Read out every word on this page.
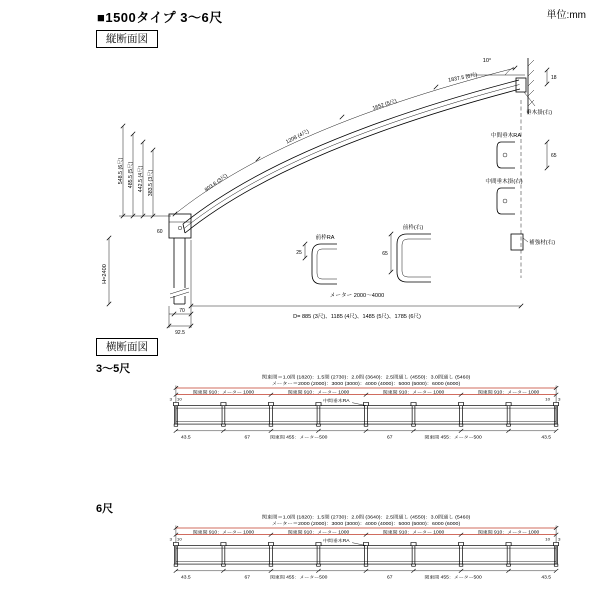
■1500タイプ 3〜6尺	単位:mm
縦断面図
10°
803.6 (3尺)
1208 (4尺)
1652 (5尺)
1837.5 (6尺)
383.5 (3尺)
442.5 (4尺)
485.5 (5尺)
548.5 (6尺)
60
H=2400
70
92.5
メーター 2000〜4000
D= 885 (3尺)、1185 (4尺)、1485 (5尺)、1785 (6尺)
前枠RA
25
前枠(右)
65
中間垂木RA
中間垂木掛(右)
補強材(右)
垂木掛(右)
18
65
横断面図
3〜5尺
関東間＝1.0間 (1820)：1.5間 (2730)：2.0間 (3640)：2.5間通し (4550)：3.0間通し (5460)
メーター＝2000 (2000)：3000 (3000)：4000 (4000)：5000 (5000)：6000 (6000)
関東間 910：メーター 1000	関東間 910：メーター 1000	関東間 910：メーター 1000	関東間 910：メーター 1000
3 10	10 3
中間垂木RA
43.5	67	関東間 455：メーター500	67	関東間 455：メーター500	43.5
6尺
関東間＝1.0間 (1820)：1.5間 (2730)：2.0間 (3640)：2.5間通し (4550)：3.0間通し (5460)
メーター＝2000 (2000)：3000 (3000)：4000 (4000)：5000 (5000)：6000 (6000)
関東間 910：メーター 1000	関東間 910：メーター 1000	関東間 910：メーター 1000	関東間 910：メーター 1000
3 10	10 3
中間垂木RA
43.5	67	関東間 455：メーター500	67	関東間 455：メーター500	43.5
